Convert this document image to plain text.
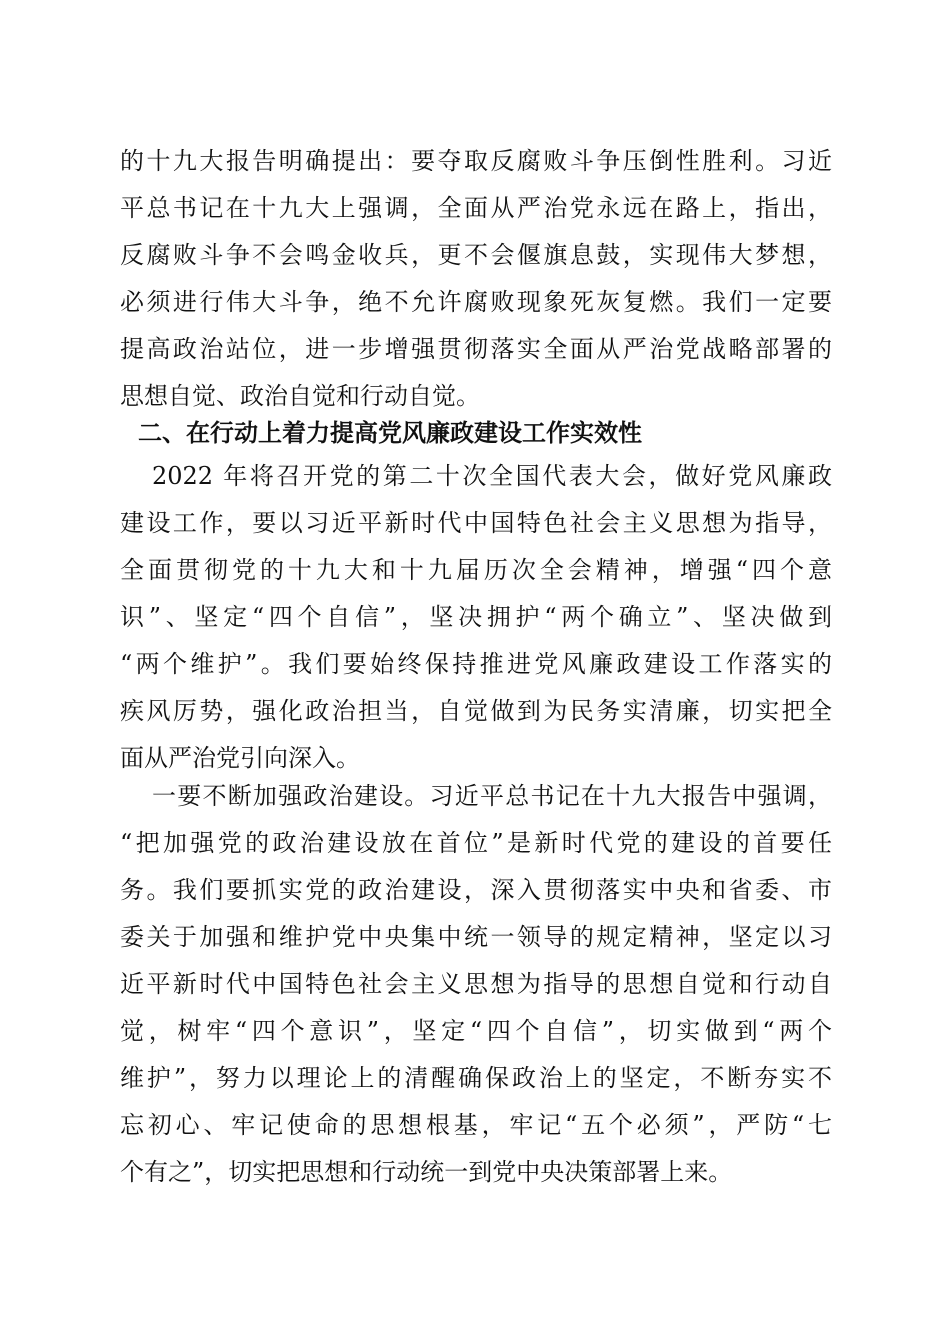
的十九大报告明确提出：要夺取反腐败斗争压倒性胜利。习近
平总书记在十九大上强调，全面从严治党永远在路上，指出，
反腐败斗争不会鸣金收兵，更不会偃旗息鼓，实现伟大梦想，
必须进行伟大斗争，绝不允许腐败现象死灰复燃。我们一定要
提高政治站位，进一步增强贯彻落实全面从严治党战略部署的
思想自觉、政治自觉和行动自觉。
二、在行动上着力提高党风廉政建设工作实效性
2022 年将召开党的第二十次全国代表大会，做好党风廉政
建设工作，要以习近平新时代中国特色社会主义思想为指导，
全面贯彻党的十九大和十九届历次全会精神，增强“四个意
识”、坚定“四个自信”，坚决拥护“两个确立”、坚决做到
“两个维护”。我们要始终保持推进党风廉政建设工作落实的
疾风厉势，强化政治担当，自觉做到为民务实清廉，切实把全
面从严治党引向深入。
一要不断加强政治建设。习近平总书记在十九大报告中强调，
“把加强党的政治建设放在首位”是新时代党的建设的首要任
务。我们要抓实党的政治建设，深入贯彻落实中央和省委、市
委关于加强和维护党中央集中统一领导的规定精神，坚定以习
近平新时代中国特色社会主义思想为指导的思想自觉和行动自
觉，树牢“四个意识”，坚定“四个自信”，切实做到“两个
维护”，努力以理论上的清醒确保政治上的坚定，不断夯实不
忘初心、牢记使命的思想根基，牢记“五个必须”，严防“七
个有之”，切实把思想和行动统一到党中央决策部署上来。
